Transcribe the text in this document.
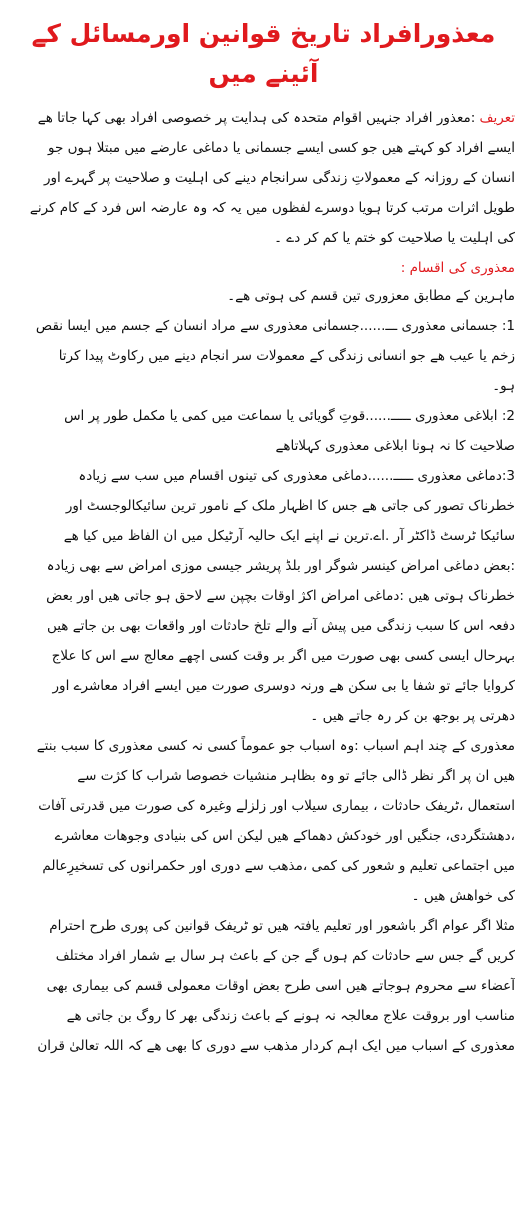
معذورافراد تاریخ قوانین اورمسائل کے آئینے میں

تعریف :معذور افراد جنہیں اقوام متحدہ کی ہدایت پر خصوصی افراد بھی کہا جاتا ھے

ایسے افراد کو کہتے ھیں جو کسی ایسے جسمانی یا دماغی عارضے میں مبتلا ہوں جو

انسان کے روزانہ کے معمولاتِ زندگی سرانجام دینے کی اہلیت و صلاحیت پر گہرے اور

طویل اثرات مرتب کرتا ہویا دوسرے لفظوں میں یہ کہ وہ عارضہ اس فرد کے کام کرنے

کی اہلیت یا صلاحیت کو ختم یا کم کر دے ۔

معذوری کی اقسام :

ماہرین کے مطابق معزوری تین قسم کی ہوتی ھے۔

1: جسمانی معذوری ـــ......جسمانی معذوری سے مراد انسان کے جسم میں ایسا نقص

زخم یا عیب ھے جو انسانی زندگی کے معمولات سر انجام دینے میں رکاوٹ پیدا کرتا

ہو۔

2: ابلاغی معذوری ـــــ......قوتِ گویائی یا سماعت میں کمی یا مکمل طور پر اس

صلاحیت کا نہ ہونا ابلاغی معذوری کہلاتاھے

3:دماغی معذوری ـــــ......دماغی معذوری کی تینوں اقسام میں سب سے زیادہ

خطرناک تصور کی جاتی ھے جس کا اظہار ملک کے نامور ترین سائیکالوجسٹ اور

سائیکا ٹرسٹ ڈاکٹر آر .اے.ترین نے اپنے ایک حالیہ آرٹیکل میں ان الفاظ میں کیا ھے

:بعض دماغی امراض کینسر شوگر اور بلڈ پریشر جیسی موزی امراض سے بھی زیادہ

خطرناک ہوتی ھیں :دماغی امراض اکژ اوقات بچپن سے لاحق ہو جاتی ھیں اور بعض

دفعہ اس کا سبب زندگی میں پیش آنے والے تلخ حادثات اور واقعات بھی بن جاتے ھیں

بہرحال ایسی کسی بھی صورت میں اگر بر وقت کسی اچھے معالج سے اس کا علاج

کروایا جائے تو شفا یا بی سکن ھے ورنہ دوسری صورت میں ایسے افراد معاشرے اور

دھرتی پر بوجھ بن کر رہ جاتے ھیں ۔

معذوری کے چند اہم اسباب :وہ اسباب جو عموماً کسی نہ کسی معذوری کا سبب بنتے

ھیں ان پر اگر نظر ڈالی جائے تو وہ بظاہر منشیات خصوصا شراب کا کژت سے

استعمال ،ٹریفک حادثات ، بیماری سیلاب اور زلزلے وغیرہ کی صورت میں قدرتی آفات

،دھشتگردی، جنگیں اور خودکش دھماکے ھیں لیکن اس کی بنیادی وجوھات معاشرے

میں اجتماعی تعلیم و شعور کی کمی ،مذھب سے دوری اور حکمرانوں کی تسخیرِعالم

کی خواھش ھیں ۔

مثلا اگر عوام اگر باشعور اور تعلیم یافتہ ھیں تو ٹریفک قوانین کی پوری طرح احترام

کریں گے جس سے حادثات کم ہوں گے جن کے باعث ہر سال بے شمار افراد مختلف

آعضاء سے محروم ہوجاتے ھیں اسی طرح بعض اوقات معمولی قسم کی بیماری بھی

مناسب اور بروقت علاج معالجہ نہ ہونے کے باعث زندگی بھر کا روگ بن جاتی ھے

معذوری کے اسباب میں ایک اہم کردار مذھب سے دوری کا بھی ھے کہ اللہ تعالیٰ قران
